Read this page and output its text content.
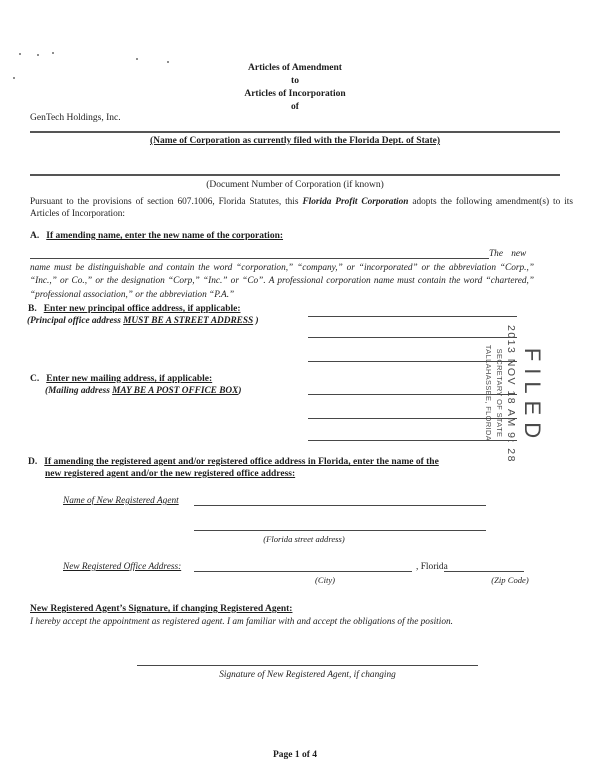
Articles of Amendment
to
Articles of Incorporation
of
GenTech Holdings, Inc.
(Name of Corporation as currently filed with the Florida Dept. of State)
(Document Number of Corporation (if known)
Pursuant to the provisions of section 607.1006, Florida Statutes, this Florida Profit Corporation adopts the following amendment(s) to its Articles of Incorporation:
A. If amending name, enter the new name of the corporation:
The new
name must be distinguishable and contain the word “corporation,” “company,” or “incorporated” or the abbreviation “Corp.,” “Inc.,” or Co.,” or the designation “Corp,” “Inc.” or “Co”. A professional corporation name must contain the word “chartered,” “professional association,” or the abbreviation “P.A.”
B. Enter new principal office address, if applicable:
(Principal office address MUST BE A STREET ADDRESS )
C. Enter new mailing address, if applicable:
(Mailing address MAY BE A POST OFFICE BOX)	FILED
2013 NOV 18 AM 9: 28
SECRETARY OF STATE
TALLAHASSEE, FLORIDA
D. If amending the registered agent and/or registered office address in Florida, enter the name of the
new registered agent and/or the new registered office address:
Name of New Registered Agent
(Florida street address)
New Registered Office Address:	, Florida
(City)	(Zip Code)
New Registered Agent’s Signature, if changing Registered Agent:
I hereby accept the appointment as registered agent. I am familiar with and accept the obligations of the position.
Signature of New Registered Agent, if changing
Page 1 of 4
